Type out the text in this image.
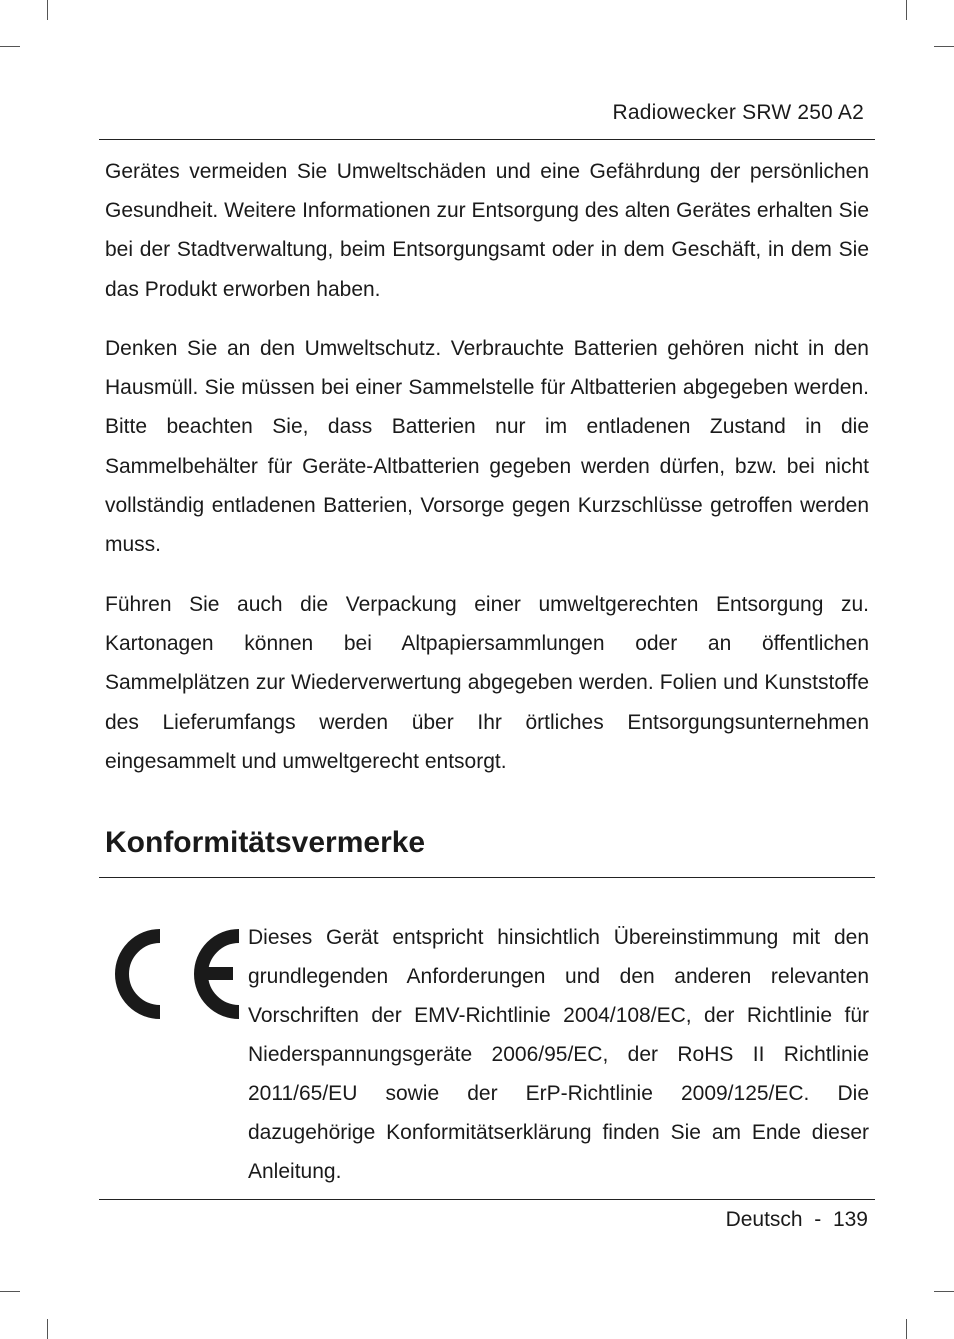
Radiowecker SRW 250 A2

Gerätes vermeiden Sie Umweltschäden und eine Gefährdung der persönlichen Gesundheit. Weitere Informationen zur Entsorgung des alten Gerätes erhalten Sie bei der Stadtverwaltung, beim Entsorgungsamt oder in dem Geschäft, in dem Sie das Produkt erworben haben.

Denken Sie an den Umweltschutz. Verbrauchte Batterien gehören nicht in den Hausmüll. Sie müssen bei einer Sammelstelle für Altbatterien abgegeben werden. Bitte beachten Sie, dass Batterien nur im entladenen Zustand in die Sammelbehälter für Geräte-Altbatterien gegeben werden dürfen, bzw. bei nicht vollständig entladenen Batterien, Vorsorge gegen Kurzschlüsse getroffen werden muss.

Führen Sie auch die Verpackung einer umweltgerechten Entsorgung zu. Kartonagen können bei Altpapiersammlungen oder an öffentlichen Sammelplätzen zur Wiederverwertung abgegeben werden. Folien und Kunststoffe des Lieferumfangs werden über Ihr örtliches Entsorgungsunternehmen eingesammelt und umweltgerecht entsorgt.

Konformitätsvermerke

Dieses Gerät entspricht hinsichtlich Übereinstimmung mit den grundlegenden Anforderungen und den anderen relevanten Vorschriften der EMV-Richtlinie 2004/108/EC, der Richtlinie für Niederspannungsgeräte 2006/95/EC, der RoHS II Richtlinie 2011/65/EU sowie der ErP-Richtlinie 2009/125/EC. Die dazugehörige Konformitätserklärung finden Sie am Ende dieser Anleitung.

Deutsch - 139
